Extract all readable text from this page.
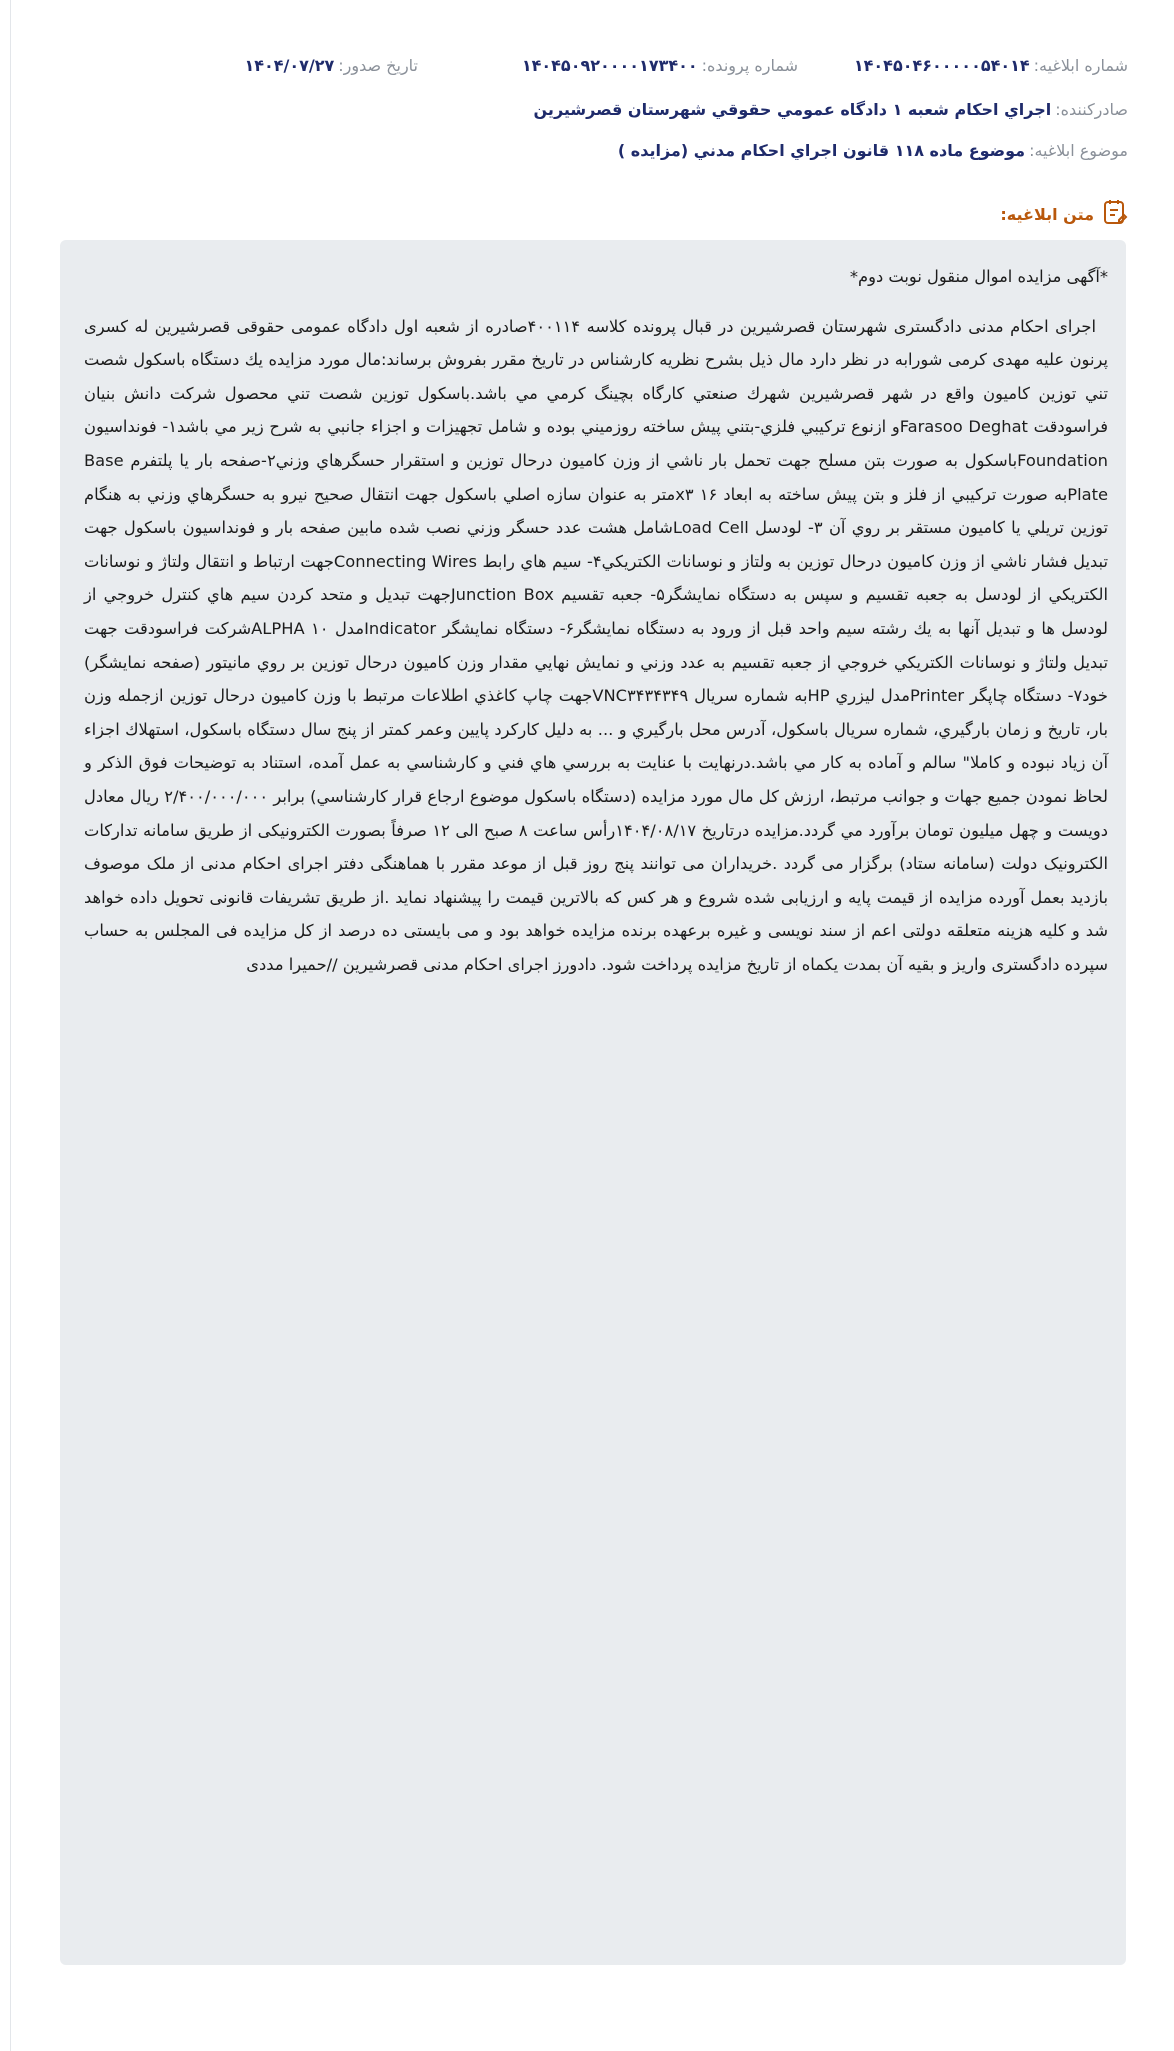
شماره ابلاغیه:
۱۴۰۴۵۰۴۶۰۰۰۰۰۵۴۰۱۴
شماره پرونده:
۱۴۰۴۵۰۹۲۰۰۰۰۱۷۳۴۰۰
تاریخ صدور:
۱۴۰۴/۰۷/۲۷
صادرکننده:
اجراي احکام شعبه ۱ دادگاه عمومي حقوقي شهرستان قصرشيرين
موضوع ابلاغیه:
موضوع ماده ۱۱۸ قانون اجراي احکام مدني (مزايده )
متن ابلاغیه:
*آگهی مزایده اموال منقول نوبت دوم*

اجرای احکام مدنی دادگستری شهرستان قصرشیرین در قبال پرونده کلاسه ۴۰۰۱۱۴صادره از شعبه اول دادگاه عمومی حقوقی قصرشیرین له کسری پرنون علیه مهدی کرمی شورابه در نظر دارد مال ذیل بشرح نظریه کارشناس در تاریخ مقرر بفروش برساند:مال مورد مزایده یك دستگاه باسكول شصت تني توزين كاميون واقع در شهر قصرشیرین شهرك صنعتي كارگاه بچينگ كرمي مي باشد.باسكول توزين شصت تني محصول شركت دانش بنيان فراسودقت Farasoo Deghatو ازنوع تركيبي فلزي-بتني پيش ساخته روزميني بوده و شامل تجهيزات و اجزاء جانبي به شرح زير مي باشد۱- فونداسيون Foundationباسكول به صورت بتن مسلح جهت تحمل بار ناشي از وزن كاميون درحال توزين و استقرار حسگرهاي وزني۲-صفحه بار يا پلتفرم Base Plateبه صورت تركيبي از فلز و بتن پيش ساخته به ابعاد ۱۶ x۳متر به عنوان سازه اصلي باسكول جهت انتقال صحيح نيرو به حسگرهاي وزني به هنگام توزين تريلي يا كاميون مستقر بر روي آن ۳- لودسل Load Cellشامل هشت عدد حسگر وزني نصب شده مابين صفحه بار و فونداسيون باسكول جهت تبديل فشار ناشي از وزن كاميون درحال توزين به ولتاز و نوسانات الكتريكي۴- سيم هاي رابط Connecting Wiresجهت ارتباط و انتقال ولتاژ و نوسانات الكتريكي از لودسل به جعبه تقسيم و سپس به دستگاه نمايشگر۵- جعبه تقسيم Junction Boxجهت تبديل و متحد كردن سيم هاي كنترل خروجي از لودسل ها و تبديل آنها به يك رشته سيم واحد قبل از ورود به دستگاه نمايشگر۶- دستگاه نمايشگر Indicatorمدل ALPHA ۱۰شركت فراسودقت جهت تبديل ولتاژ و نوسانات الكتريكي خروجي از جعبه تقسيم به عدد وزني و نمايش نهايي مقدار وزن كاميون درحال توزين بر روي مانيتور (صفحه نمايشگر) خود۷- دستگاه چاپگر Printerمدل ليزري HPبه شماره سريال VNC۳۴۳۴۳۴۹جهت چاپ كاغذي اطلاعات مرتبط با وزن كاميون درحال توزين ازجمله وزن بار، تاريخ و زمان بارگيري، شماره سريال باسكول، آدرس محل بارگيري و ... به دليل كاركرد پايين وعمر كمتر از پنج سال دستگاه باسكول، استهلاك اجزاء آن زياد نبوده و كاملا" سالم و آماده به كار مي باشد.درنهايت با عنايت به بررسي هاي فني و كارشناسي به عمل آمده، استناد به توضيحات فوق الذكر و لحاظ نمودن جميع جهات و جوانب مرتبط، ارزش كل مال مورد مزايده (دستگاه باسكول موضوع ارجاع قرار كارشناسي) برابر ۲/۴۰۰/۰۰۰/۰۰۰ ريال معادل دويست و چهل ميليون تومان برآورد مي گردد.مزایده درتاریخ ۱۴۰۴/۰۸/۱۷رأس ساعت ۸ صبح الی ۱۲ صرفاً بصورت الکترونیکی از طریق سامانه تدارکات الکترونیک دولت (سامانه ستاد) برگزار می گردد .خریداران می توانند پنج روز قبل از موعد مقرر با هماهنگی دفتر اجرای احکام مدنی از ملک موصوف بازدید بعمل آورده مزایده از قیمت پایه و ارزیابی شده شروع و هر کس که بالاترین قیمت را پیشنهاد نماید .از طریق تشریفات قانونی تحویل داده خواهد شد و کلیه هزینه متعلقه دولتی اعم از سند نویسی و غیره برعهده برنده مزایده خواهد بود و می بایستی ده درصد از کل مزایده فی المجلس به حساب سپرده دادگستری واریز و بقیه آن بمدت یکماه از تاریخ مزایده پرداخت شود. دادورز اجرای احکام مدنی قصرشیرین //حمیرا مددی
